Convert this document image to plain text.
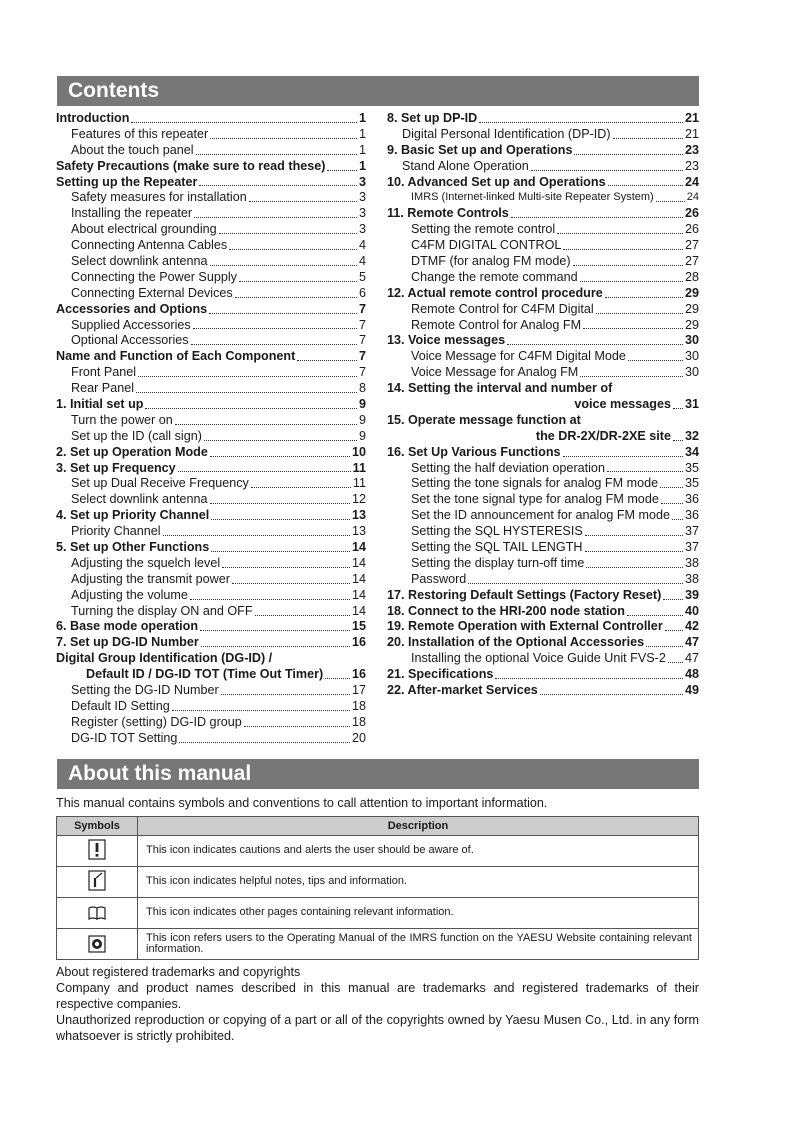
Contents
Introduction	1
Features of this repeater	1
About the touch panel	1
Safety Precautions (make sure to read these)	1
Setting up the Repeater	3
Safety measures for installation	3
Installing the repeater	3
About electrical grounding	3
Connecting Antenna Cables	4
Select downlink antenna	4
Connecting the Power Supply	5
Connecting External Devices	6
Accessories and Options	7
Supplied Accessories	7
Optional Accessories	7
Name and Function of Each Component	7
Front Panel	7
Rear Panel	8
1. Initial set up	9
Turn the power on	9
Set up the ID (call sign)	9
2. Set up Operation Mode	10
3. Set up Frequency	11
Set up Dual Receive Frequency	11
Select downlink antenna	12
4. Set up Priority Channel	13
Priority Channel	13
5. Set up Other Functions	14
Adjusting the squelch level	14
Adjusting the transmit power	14
Adjusting the volume	14
Turning the display ON and OFF	14
6. Base mode operation	15
7. Set up DG-ID Number	16
Digital Group Identification (DG-ID) /
Default ID / DG-ID TOT (Time Out Timer) 16
Setting the DG-ID Number	17
Default ID Setting	18
Register (setting) DG-ID group	18
DG-ID TOT Setting	20
8. Set up DP-ID	21
Digital Personal Identification (DP-ID)	21
9. Basic Set up and Operations	23
Stand Alone Operation	23
10. Advanced Set up and Operations	24
IMRS (Internet-linked Multi-site Repeater System)	24
11. Remote Controls	26
Setting the remote control	26
C4FM DIGITAL CONTROL	27
DTMF (for analog FM mode)	27
Change the remote command	28
12. Actual remote control procedure	29
Remote Control for C4FM Digital	29
Remote Control for Analog FM	29
13. Voice messages	30
Voice Message for C4FM Digital Mode	30
Voice Message for Analog FM	30
14. Setting the interval and number of
voice messages 31
15. Operate message function at
the DR-2X/DR-2XE site 32
16. Set Up Various Functions	34
Setting the half deviation operation	35
Setting the tone signals for analog FM mode 35
Set the tone signal type for analog FM mode 36
Set the ID announcement for analog FM mode 36
Setting the SQL HYSTERESIS	37
Setting the SQL TAIL LENGTH	37
Setting the display turn-off time	38
Password	38
17. Restoring Default Settings (Factory Reset) 39
18. Connect to the HRI-200 node station	40
19. Remote Operation with External Controller 42
20. Installation of the Optional Accessories	47
Installing the optional Voice Guide Unit FVS-2 47
21. Specifications	48
22. After-market Services	49
About this manual
This manual contains symbols and conventions to call attention to important information.
Symbols	Description

	This icon indicates cautions and alerts the user should be aware of.

	This icon indicates helpful notes, tips and information.

	This icon indicates other pages containing relevant information.

	This icon refers users to the Operating Manual of the IMRS function on the YAESU Website containing relevant information.

About registered trademarks and copyrights

Company and product names described in this manual are trademarks and registered trademarks of their respective companies.

Unauthorized reproduction or copying of a part or all of the copyrights owned by Yaesu Musen Co., Ltd. in any form whatsoever is strictly prohibited.
